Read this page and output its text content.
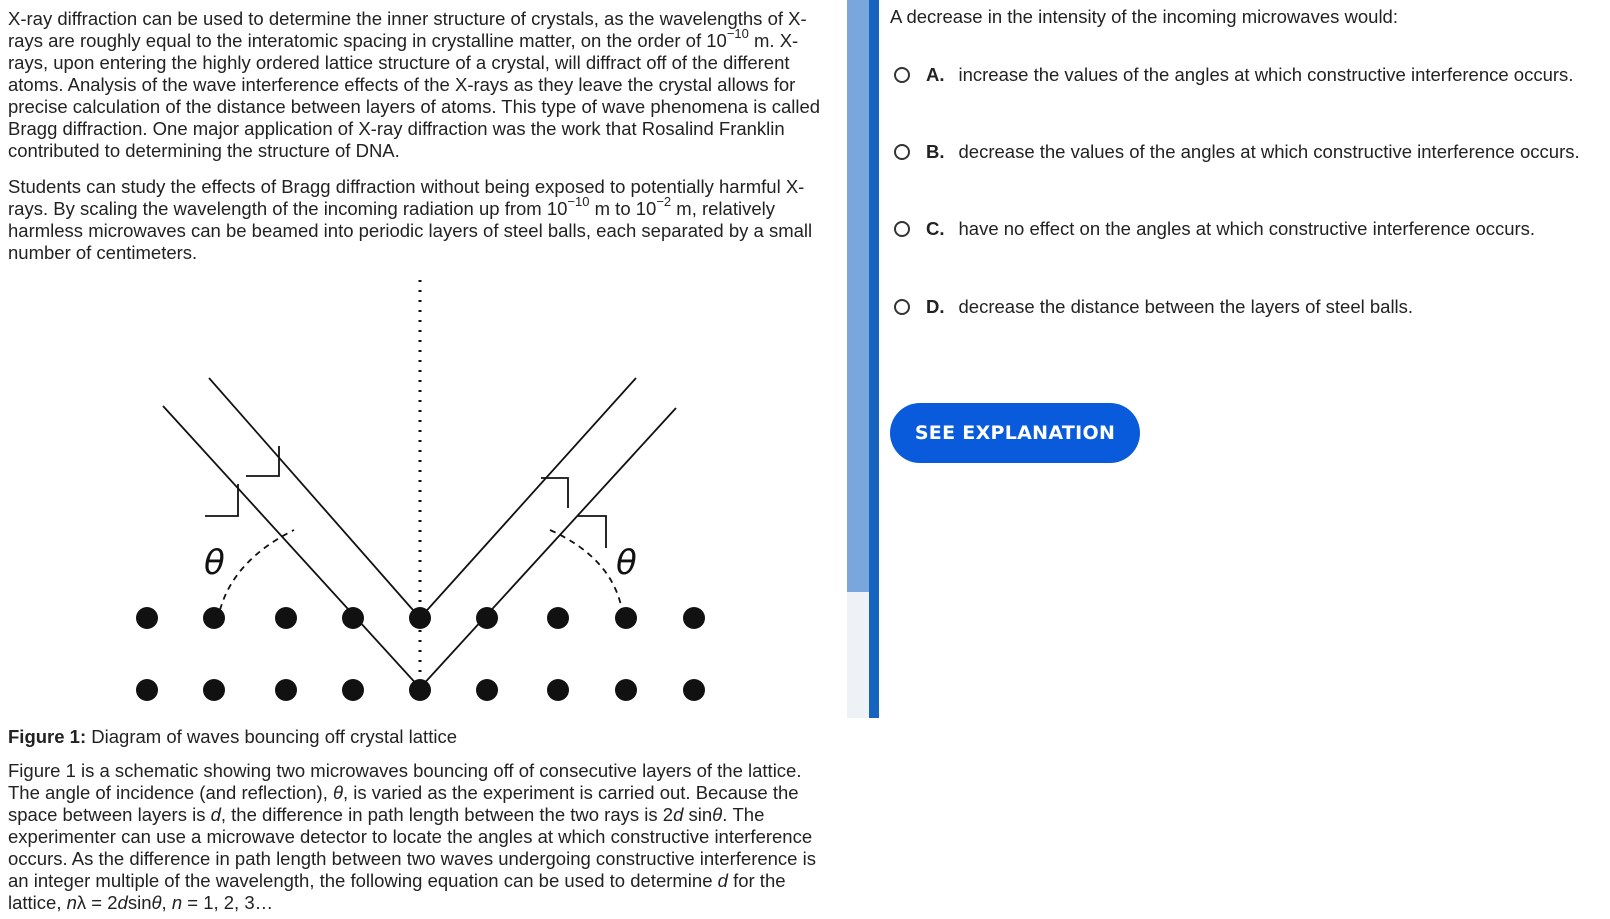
X-ray diffraction can be used to determine the inner structure of crystals, as the wavelengths of X-rays are roughly equal to the interatomic spacing in crystalline matter, on the order of $10^{-10}$ m. X-rays, upon entering the highly ordered lattice structure of a crystal, will diffract off of the different atoms. Analysis of the wave interference effects of the X-rays as they leave the crystal allows for precise calculation of the distance between layers of atoms. This type of wave phenomena is called Bragg diffraction. One major application of X-ray diffraction was the work that Rosalind Franklin contributed to determining the structure of DNA.

Students can study the effects of Bragg diffraction without being exposed to potentially harmful X-rays. By scaling the wavelength of the incoming radiation up from $10^{-10}$ m to $10^{-2}$ m, relatively harmless microwaves can be beamed into periodic layers of steel balls, each separated by a small number of centimeters.

θ	θ
Figure 1: Diagram of waves bouncing off crystal lattice

Figure 1 is a schematic showing two microwaves bouncing off of consecutive layers of the lattice. The angle of incidence (and reflection), θ, is varied as the experiment is carried out. Because the space between layers is d, the difference in path length between the two rays is 2d sinθ. The experimenter can use a microwave detector to locate the angles at which constructive interference occurs. As the difference in path length between two waves undergoing constructive interference is an integer multiple of the wavelength, the following equation can be used to determine d for the lattice, nλ = 2dsinθ, n = 1, 2, 3…

A decrease in the intensity of the incoming microwaves would:
A. increase the values of the angles at which constructive interference occurs.
B. decrease the values of the angles at which constructive interference occurs.
C. have no effect on the angles at which constructive interference occurs.
D. decrease the distance between the layers of steel balls.
SEE EXPLANATION
